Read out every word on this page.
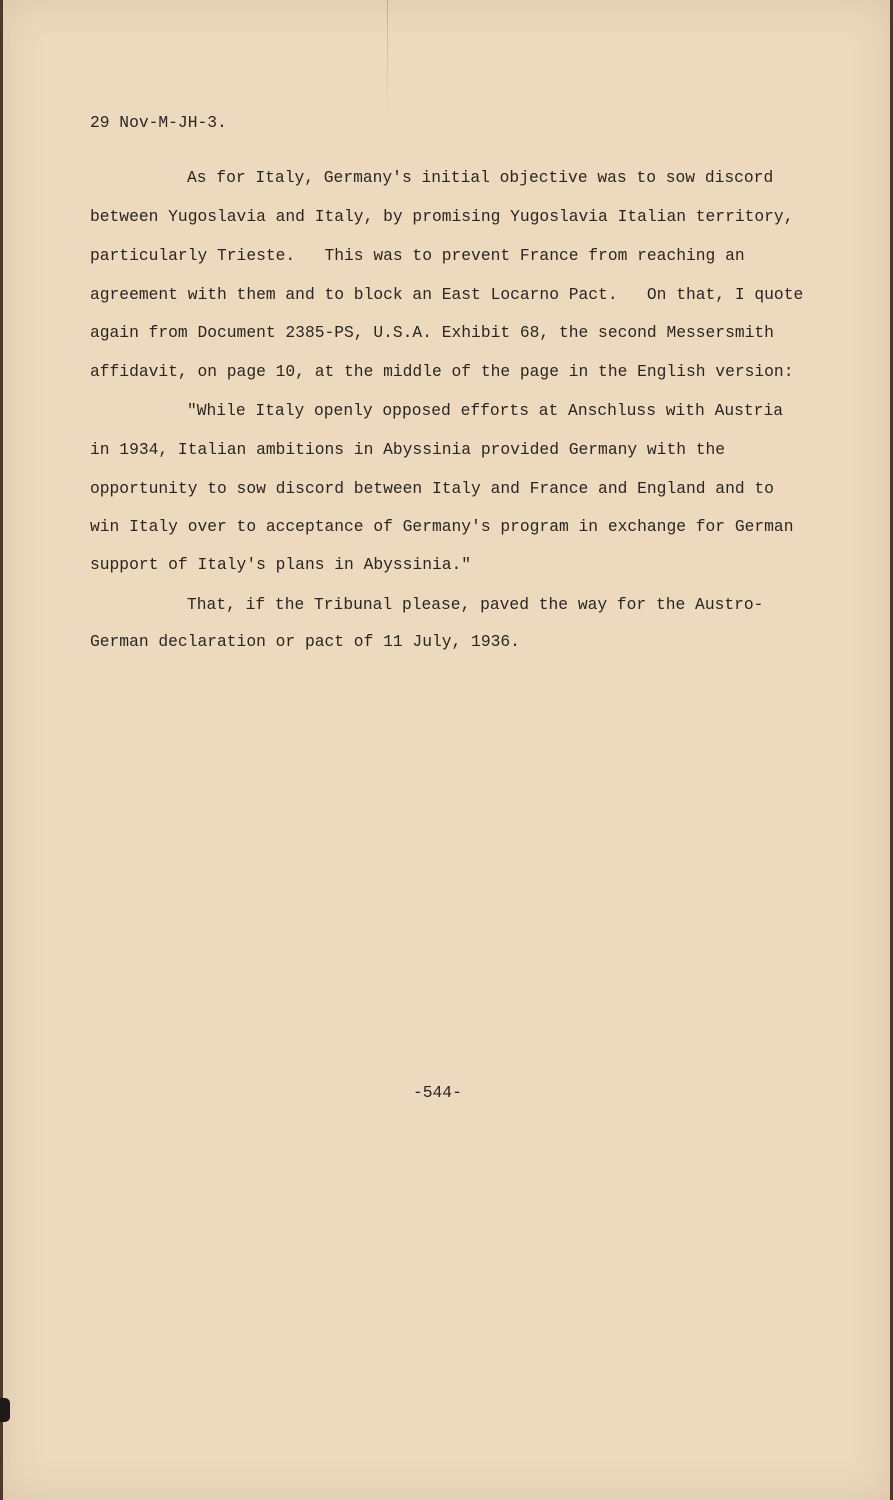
29 Nov-M-JH-3.
As for Italy, Germany's initial objective was to sow discord
between Yugoslavia and Italy, by promising Yugoslavia Italian territory,
particularly Trieste.   This was to prevent France from reaching an
agreement with them and to block an East Locarno Pact.   On that, I quote
again from Document 2385-PS, U.S.A. Exhibit 68, the second Messersmith
affidavit, on page 10, at the middle of the page in the English version:
"While Italy openly opposed efforts at Anschluss with Austria
in 1934, Italian ambitions in Abyssinia provided Germany with the
opportunity to sow discord between Italy and France and England and to
win Italy over to acceptance of Germany's program in exchange for German
support of Italy's plans in Abyssinia."
That, if the Tribunal please, paved the way for the Austro-
German declaration or pact of 11 July, 1936.
-544-
